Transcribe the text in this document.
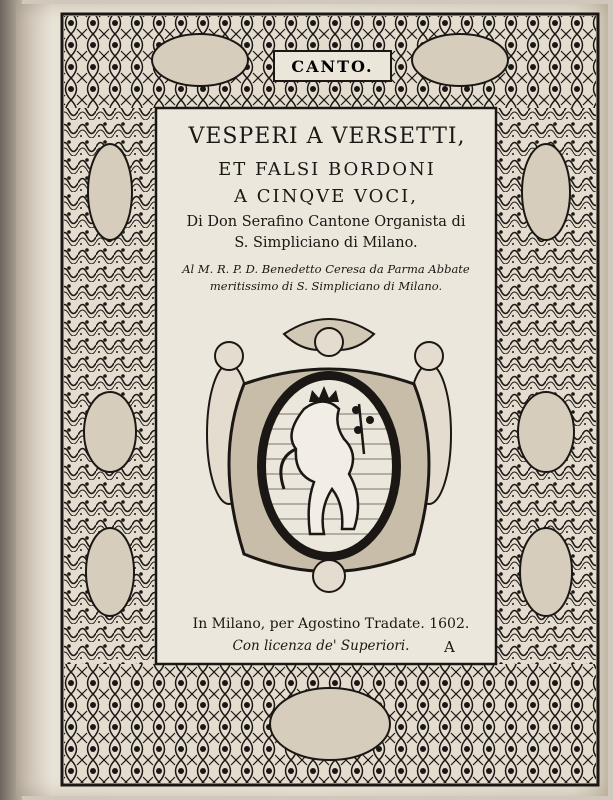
CANTO.
VESPERI A VERSETTI,
ET FALSI BORDONI
A CINQVE VOCI,
Di Don Serafino Cantone Organista di
S. Simpliciano di Milano.
Al M. R. P. D. Benedetto Ceresa da Parma Abbate
meritissimo di S. Simpliciano di Milano.
In Milano, per Agostino Tradate. 1602.
Con licenza de' Superiori.	A
